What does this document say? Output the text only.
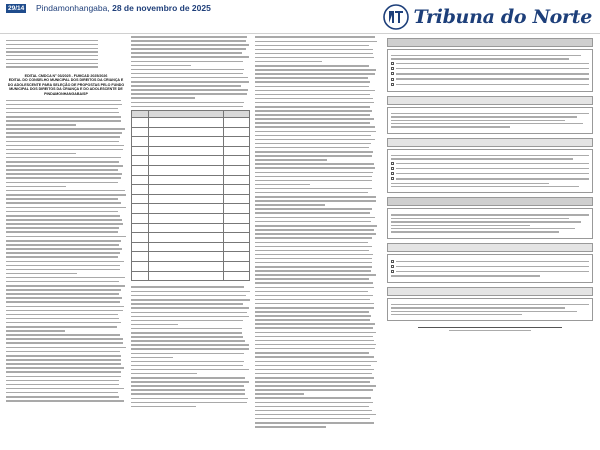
29/14 Pindamonhangaba, 28 de novembro de 2025	Tribuna do Norte
EDITAL CMDCA N° 03/2025 - FUMCAD 2025/2026
EDITAL DO CONSELHO MUNICIPAL DOS DIREITOS DA CRIANÇA E DO ADOLESCENTE PARA SELEÇÃO DE PROPOSTAS PELO FUNDO MUNICIPAL DOS DIREITOS DA CRIANÇA E DO ADOLESCENTE DE PINDAMONHANGABA/SP
